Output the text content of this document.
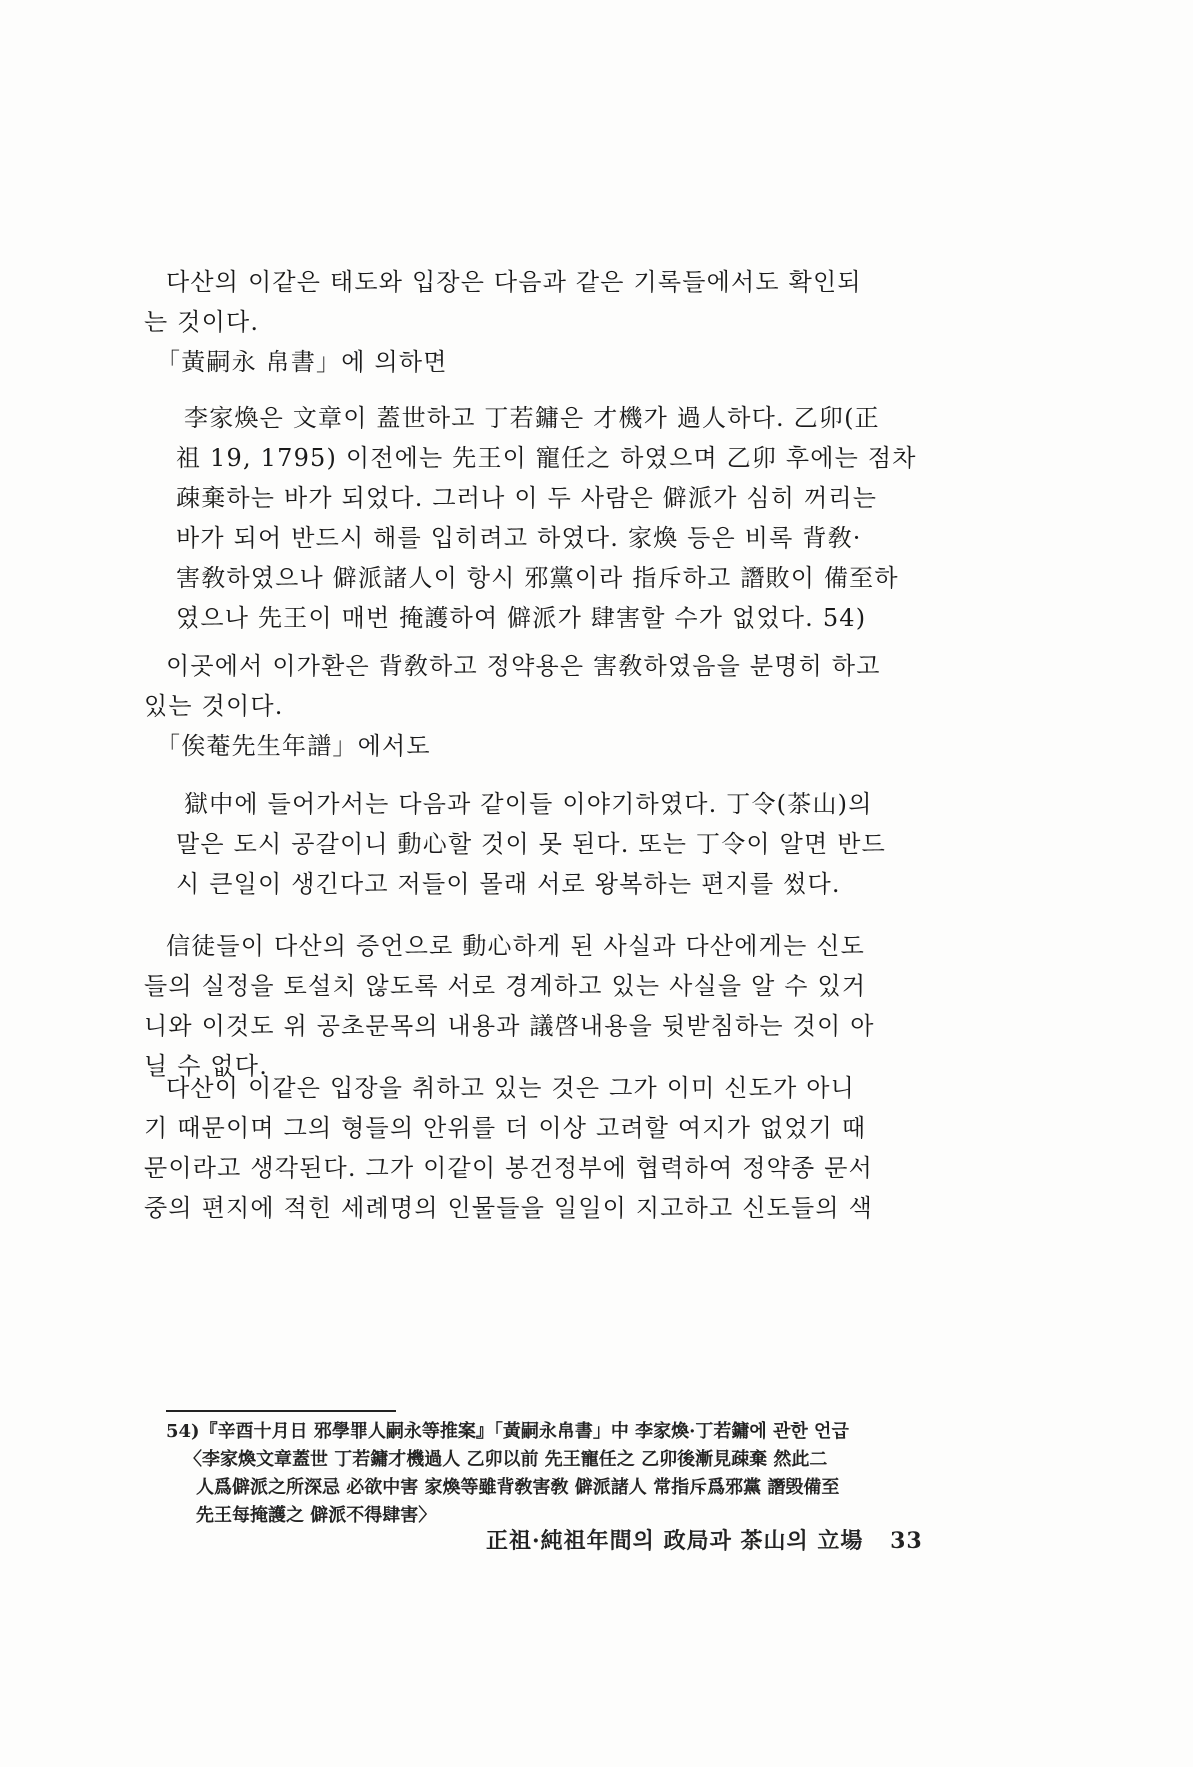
다산의 이같은 태도와 입장은 다음과 같은 기록들에서도 확인되
는 것이다.
「黃嗣永 帛書」에 의하면
李家煥은 文章이 蓋世하고 丁若鏞은 才機가 過人하다. 乙卯(正
祖 19, 1795) 이전에는 先王이 寵任之 하였으며 乙卯 후에는 점차
疎棄하는 바가 되었다. 그러나 이 두 사람은 僻派가 심히 꺼리는
바가 되어 반드시 해를 입히려고 하였다. 家煥 등은 비록 背敎·
害敎하였으나 僻派諸人이 항시 邪黨이라 指斥하고 譖敗이 備至하
였으나 先王이 매번 掩護하여 僻派가 肆害할 수가 없었다. 54)
이곳에서 이가환은 背敎하고 정약용은 害敎하였음을 분명히 하고
있는 것이다.
「俟菴先生年譜」에서도
獄中에 들어가서는 다음과 같이들 이야기하였다. 丁令(茶山)의
말은 도시 공갈이니 動心할 것이 못 된다. 또는 丁令이 알면 반드
시 큰일이 생긴다고 저들이 몰래 서로 왕복하는 편지를 썼다.
信徒들이 다산의 증언으로 動心하게 된 사실과 다산에게는 신도
들의 실정을 토설치 않도록 서로 경계하고 있는 사실을 알 수 있거
니와 이것도 위 공초문목의 내용과 議啓내용을 뒷받침하는 것이 아
닐 수 없다.
다산이 이같은 입장을 취하고 있는 것은 그가 이미 신도가 아니
기 때문이며 그의 형들의 안위를 더 이상 고려할 여지가 없었기 때
문이라고 생각된다. 그가 이같이 봉건정부에 협력하여 정약종 문서
중의 편지에 적힌 세례명의 인물들을 일일이 지고하고 신도들의 색
54)『辛酉十月日 邪學罪人嗣永等推案』「黃嗣永帛書」中 李家煥·丁若鏞에 관한 언급
〈李家煥文章蓋世 丁若鏞才機過人 乙卯以前 先王寵任之 乙卯後漸見疎棄 然此二
人爲僻派之所深忌 必欲中害 家煥等雖背敎害敎 僻派諸人 常指斥爲邪黨 譖毁備至
先王每掩護之 僻派不得肆害〉
正祖·純祖年間의 政局과 茶山의 立場 33
